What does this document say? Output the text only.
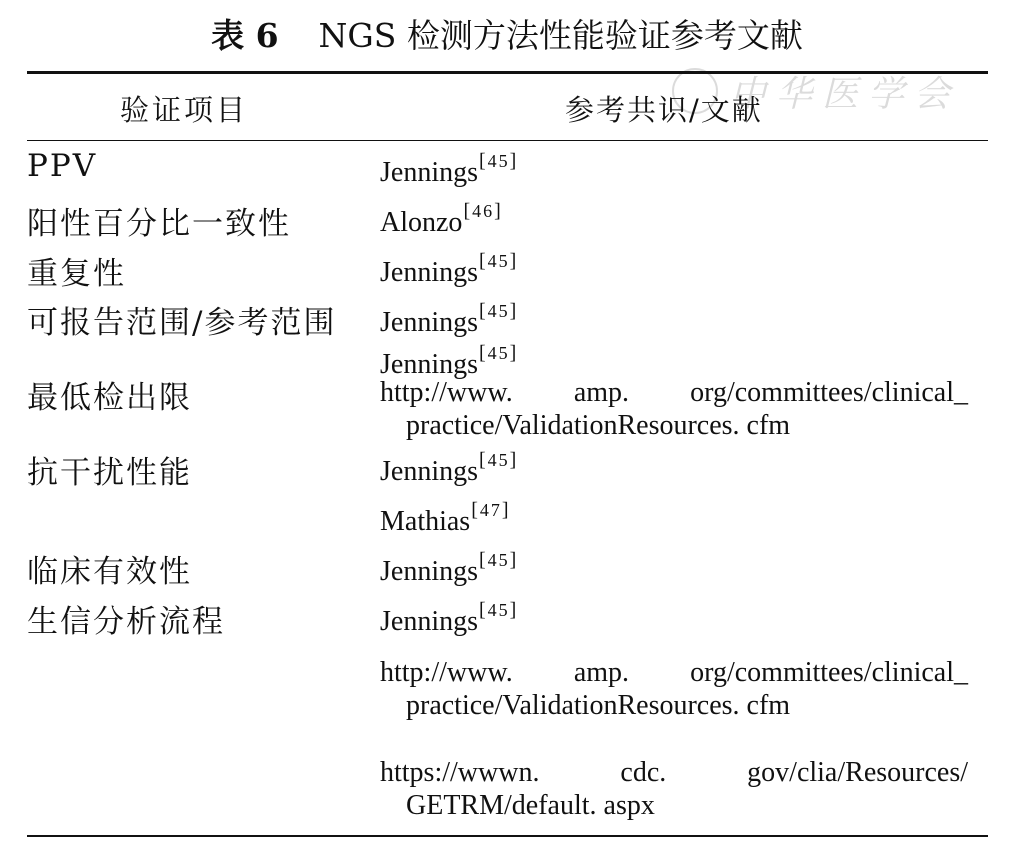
表 6 NGS 检测方法性能验证参考文献
中华医学会
验证项目	参考共识/文献
PPV	Jennings[45]
阳性百分比一致性	Alonzo[46]
重复性	Jennings[45]
可报告范围/参考范围 Jennings[45]
Jennings[45]
最低检出限	http://www. amp. org/committees/clinical_
practice/ValidationResources. cfm
抗干扰性能	Jennings[45]
Mathias[47]
临床有效性	Jennings[45]
生信分析流程	Jennings[45]
http://www. amp. org/committees/clinical_
practice/ValidationResources. cfm
https://wwwn. cdc. gov/clia/Resources/
GETRM/default. aspx
